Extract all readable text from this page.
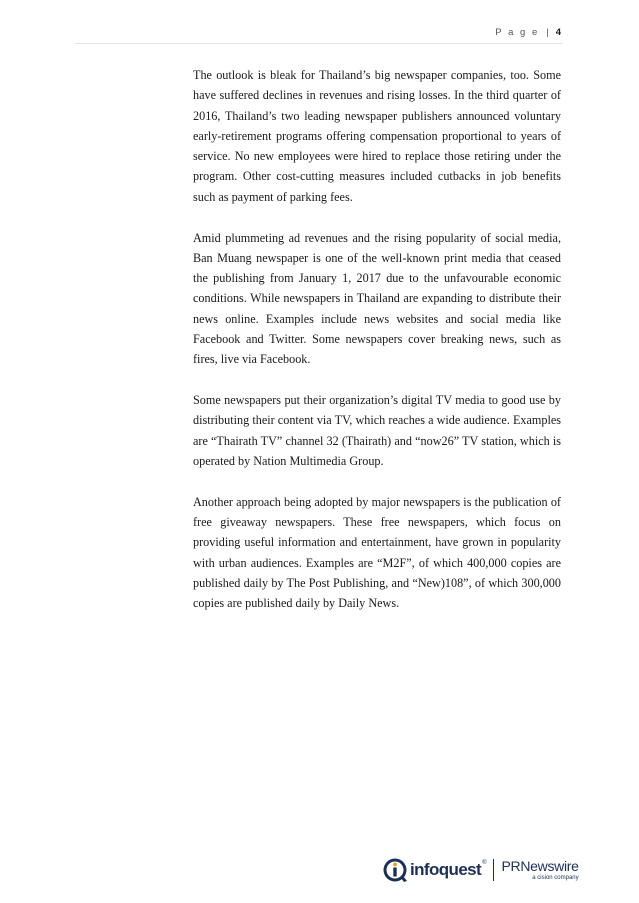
P a g e | 4

The outlook is bleak for Thailand’s big newspaper companies, too. Some have suffered declines in revenues and rising losses. In the third quarter of 2016, Thailand’s two leading newspaper publishers announced voluntary early-retirement programs offering compensation proportional to years of service. No new employees were hired to replace those retiring under the program. Other cost-cutting measures included cutbacks in job benefits such as payment of parking fees.

Amid plummeting ad revenues and the rising popularity of social media, Ban Muang newspaper is one of the well-known print media that ceased the publishing from January 1, 2017 due to the unfavourable economic conditions. While newspapers in Thailand are expanding to distribute their news online. Examples include news websites and social media like Facebook and Twitter. Some newspapers cover breaking news, such as fires, live via Facebook.

Some newspapers put their organization’s digital TV media to good use by distributing their content via TV, which reaches a wide audience. Examples are “Thairath TV” channel 32 (Thairath) and “now26” TV station, which is operated by Nation Multimedia Group.

Another approach being adopted by major newspapers is the publication of free giveaway newspapers. These free newspapers, which focus on providing useful information and entertainment, have grown in popularity with urban audiences. Examples are “M2F”, of which 400,000 copies are published daily by The Post Publishing, and “New)108”, of which 300,000 copies are published daily by Daily News.

infoquest ® PRNewswire
a cision company
